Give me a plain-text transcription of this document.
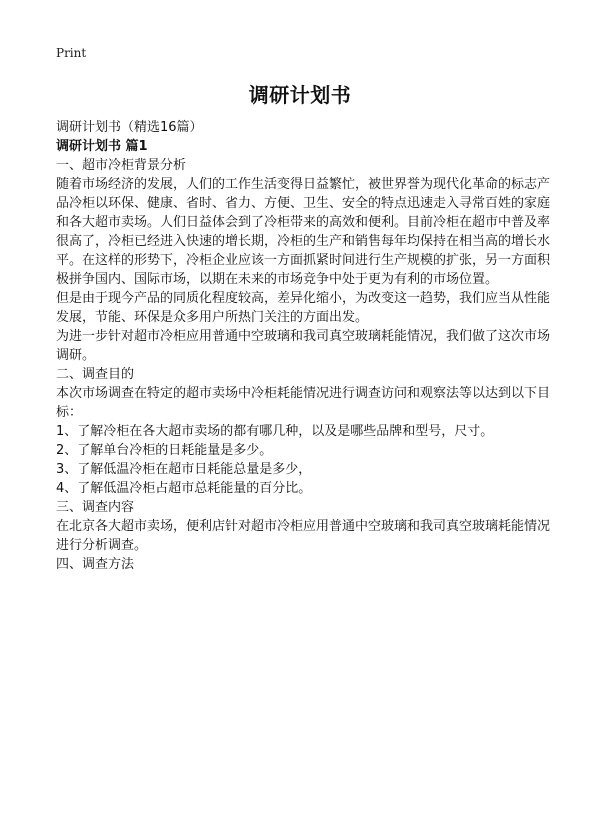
Print
调研计划书

调研计划书（精选16篇）

调研计划书 篇1

一、超市冷柜背景分析

随着市场经济的发展，人们的工作生活变得日益繁忙，被世界誉为现代化革命的标志产品冷柜以环保、健康、省时、省力、方便、卫生、安全的特点迅速走入寻常百姓的家庭和各大超市卖场。人们日益体会到了冷柜带来的高效和便利。目前冷柜在超市中普及率很高了，冷柜已经进入快速的增长期，冷柜的生产和销售每年均保持在相当高的增长水平。在这样的形势下，冷柜企业应该一方面抓紧时间进行生产规模的扩张，另一方面积极拼争国内、国际市场，以期在未来的市场竞争中处于更为有利的市场位置。

但是由于现今产品的同质化程度较高，差异化缩小，为改变这一趋势，我们应当从性能发展，节能、环保是众多用户所热门关注的方面出发。

为进一步针对超市冷柜应用普通中空玻璃和我司真空玻璃耗能情况，我们做了这次市场调研。

二、调查目的

本次市场调查在特定的超市卖场中冷柜耗能情况进行调查访问和观察法等以达到以下目标：

1、了解冷柜在各大超市卖场的都有哪几种，以及是哪些品牌和型号，尺寸。

2、了解单台冷柜的日耗能量是多少。

3、了解低温冷柜在超市日耗能总量是多少，

4、了解低温冷柜占超市总耗能量的百分比。

三、调查内容

在北京各大超市卖场，便利店针对超市冷柜应用普通中空玻璃和我司真空玻璃耗能情况进行分析调查。

四、调查方法
